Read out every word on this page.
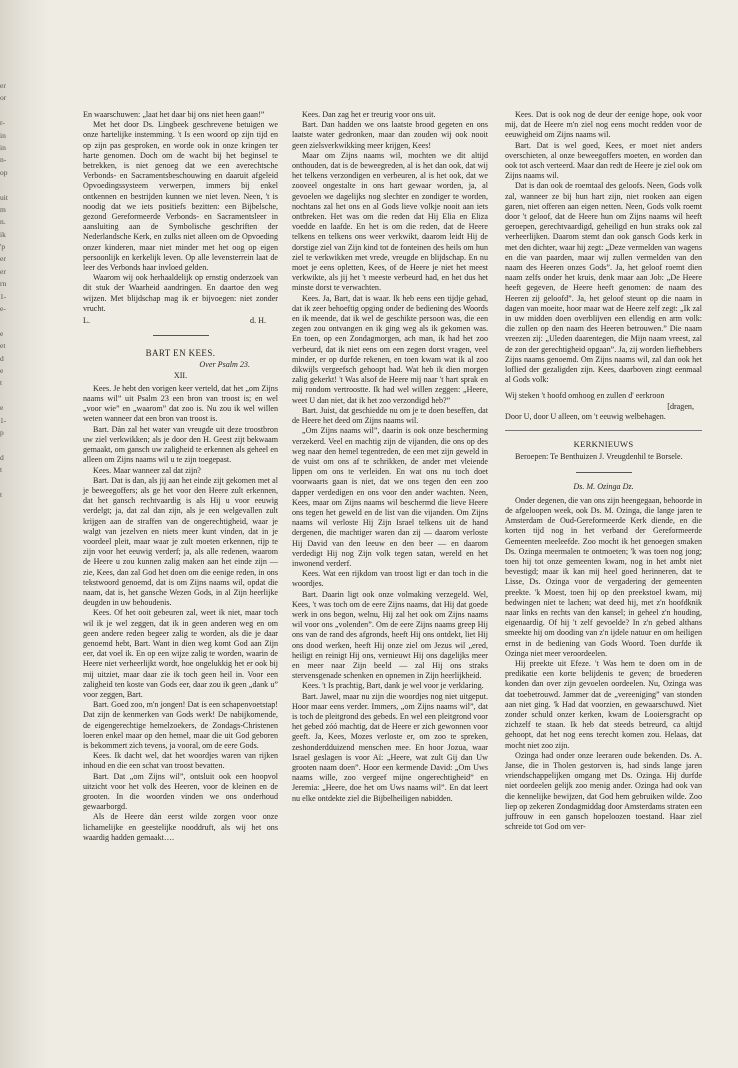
er
or
r-
in
in
n-
op
uit
m
n.
ik
'p
er
er
rn
1-
e-
e
et
d
e
t
e
1-
p
d
t
t

En waarschuwen: „laat het daar bij ons niet heen gaan!”

Met het door Ds. Lingbeek geschrevene betuigen we onze hartelijke instemming. 't Is een woord op zijn tijd en op zijn pas gesproken, en worde ook in onze kringen ter harte genomen. Doch om de wacht bij het beginsel te betrekken, is niet genoeg dat we een averechtsche Verbonds- en Sacramentsbeschouwing en daaruit afgeleid Opvoedingssysteem verwerpen, immers bij enkel ontkennen en bestrijden kunnen we niet leven. Neen, 't is noodig dat we iets positiefs bezitten: een Bijbelsche, gezond Gereformeerde Verbonds- en Sacramentsleer in aansluiting aan de Symbolische geschriften der Nederlandsche Kerk, en zulks niet alleen om de Opvoeding onzer kinderen, maar niet minder met het oog op eigen persoonlijk en kerkelijk leven. Op alle levensterrein laat de leer des Verbonds haar invloed gelden.

Waarom wij ook herhaaldelijk op ernstig onderzoek van dit stuk der Waarheid aandringen. En daartoe den weg wijzen. Met blijdschap mag ik er bijvoegen: niet zonder vrucht.

L.	d. H.
BART EN KEES.
Over Psalm 23.
XII.

Kees. Je hebt den vorigen keer verteld, dat het „om Zijns naams wil” uit Psalm 23 een bron van troost is; en wel „voor wie” en „waarom” dat zoo is. Nu zou ik wel willen weten wanneer dat een bron van troost is.

Bart. Dàn zal het water van vreugde uit deze troostbron uw ziel verkwikken; als je door den H. Geest zijt bekwaam gemaakt, om gansch uw zaligheid te erkennen als geheel en alleen om Zijns naams wil u te zijn toegepast.

Kees. Maar wanneer zal dat zijn?

Bart. Dat is dan, als jij aan het einde zijt gekomen met al je beweegoffers; als ge het voor den Heere zult erkennen, dat het gansch rechtvaardig is als Hij u voor eeuwig verdelgt; ja, dat zal dan zijn, als je een welgevallen zult krijgen aan de straffen van de ongerechtigheid, waar je walgt van jezelven en niets meer kunt vinden, dat in je voordeel pleit, maar waar je zult moeten erkennen, rijp te zijn voor het eeuwig verderf; ja, als alle redenen, waarom de Heere u zou kunnen zalig maken aan het einde zijn — zie, Kees, dan zal God het doen om die eenige reden, in ons tekstwoord genoemd, dat is om Zijns naams wil, opdat die naam, dat is, het gansche Wezen Gods, in al Zijn heerlijke deugden in uw behoudenis.

Kees. Of het ooit gebeuren zal, weet ik niet, maar toch wil ik je wel zeggen, dat ik in geen anderen weg en om geen andere reden begeer zalig te worden, als die je daar genoemd hebt, Bart. Want in dien weg komt God aan Zijn eer, dat voel ik. En op een wijze zalig te worden, waarin de Heere niet verheerlijkt wordt, hoe ongelukkig het er ook bij mij uitziet, maar daar zie ik toch geen heil in. Voor een zaligheid ten koste van Gods eer, daar zou ik geen „dank u” voor zeggen, Bart.

Bart. Goed zoo, m'n jongen! Dat is een schapenvoetstap! Dat zijn de kenmerken van Gods werk! De nabijkomende, de eigengerechtige hemelzoekers, de Zondags-Christenen loeren enkel maar op den hemel, maar die uit God geboren is bekommert zich tevens, ja vooral, om de eere Gods.

Kees. Ik dacht wel, dat het woordjes waren van rijken inhoud en die een schat van troost bevatten.

Bart. Dat „om Zijns wil”, ontsluit ook een hoopvol uitzicht voor het volk des Heeren, voor de kleinen en de grooten. In die woorden vinden we ons onderhoud gewaarborgd.

Als de Heere dàn eerst wilde zorgen voor onze lichamelijke en geestelijke nooddruft, als wij het ons waardig hadden gemaakt….

Kees. Dan zag het er treurig voor ons uit.

Bart. Dan hadden we ons laatste brood gegeten en ons laatste water gedronken, maar dan zouden wij ook nooit geen zielsverkwikking meer krijgen, Kees!

Maar om Zijns naams wil, mochten we dit altijd onthouden, dat is de beweegreden, al is het dan ook, dat wij het telkens verzondigen en verbeuren, al is het ook, dat we zooveel ongestalte in ons hart gewaar worden, ja, al gevoelen we dagelijks nog slechter en zondiger te worden, nochtans zal het ons en al Gods lieve volkje nooit aan iets ontbreken. Het was om die reden dat Hij Elia en Eliza voedde en laafde. En het is om die reden, dat de Heere telkens en telkens ons weer verkwikt, daarom leidt Hij de dorstige ziel van Zijn kind tot de fonteinen des heils om hun ziel te verkwikken met vrede, vreugde en blijdschap. En nu moet je eens opletten, Kees, of de Heere je niet het meest verkwikte, als jij het 't meeste verbeurd had, en het dus het minste dorst te verwachten.

Kees. Ja, Bart, dat is waar. Ik heb eens een tijdje gehad, dat ik zeer behoeftig opging onder de bediening des Woords en ik meende, dat ik wel de geschikte persoon was, die een zegen zou ontvangen en ik ging weg als ik gekomen was. En toen, op een Zondagmorgen, ach man, ik had het zoo verbeurd, dat ik niet eens om een zegen dorst vragen, veel minder, er op durfde rekenen, en toen kwam wat ik al zoo dikwijls vergeefsch gehoopt had. Wat heb ik dien morgen zalig gekerkt! 't Was alsof de Heere mij naar 't hart sprak en mij rondom vertroostte. Ik had wel willen zeggen: „Heere, weet U dan niet, dat ik het zoo verzondigd heb?”

Bart. Juist, dat geschiedde nu om je te doen beseffen, dat de Heere het deed om Zijns naams wil.

„Om Zijns naams wil”, daarin is ook onze bescherming verzekerd. Veel en machtig zijn de vijanden, die ons op des weg naar den hemel tegentreden, de een met zijn geweld in de vuist om ons af te schrikken, de ander met vleiende lippen om ons te verleiden. En wat ons nu toch doet voorwaarts gaan is niet, dat we ons tegen den een zoo dapper verdedigen en ons voor den ander wachten. Neen, Kees, maar om Zijns naams wil beschermd die lieve Heere ons tegen het geweld en de list van die vijanden. Om Zijns naams wil verloste Hij Zijn Israel telkens uit de hand dergenen, die machtiger waren dan zij — daarom verloste Hij David van den leeuw en den beer — en daarom verdedigt Hij nog Zijn volk tegen satan, wereld en het inwonend verderf.

Kees. Wat een rijkdom van troost ligt er dan toch in die woordjes.

Bart. Daarin ligt ook onze volmaking verzegeld. Wel, Kees, 't was toch om de eere Zijns naams, dat Hij dat goede werk in ons begon, welnu, Hij zal het ook om Zijns naams wil voor ons „volenden”. Om de eere Zijns naams greep Hij ons van de rand des afgronds, heeft Hij ons ontdekt, liet Hij ons dood werken, heeft Hij onze ziel om Jezus wil „ered, heiligt en reinigt Hij ons, vernieuwt Hij ons dagelijks meer en meer naar Zijn beeld — zal Hij ons straks stervensgenade schenken en opnemen in Zijn heerlijkheid.

Kees. 't Is prachtig, Bart, dank je wel voor je verklaring.

Bart. Jawel, maar nu zijn die woordjes nog niet uitgeput. Hoor maar eens verder. Immers, „om Zijns naams wil”, dat is toch de pleitgrond des gebeds. En wel een pleitgrond voor het gebed zóó machtig, dat de Heere er zich gewonnen voor geeft. Ja, Kees, Mozes verloste er, om zoo te spreken, zeshonderdduizend menschen mee. En hoor Jozua, waar Israel geslagen is voor Aï: „Heere, wat zult Gij dan Uw grooten naam doen”. Hoor een kermende David: „Om Uws naams wille, zoo vergeef mijne ongerechtigheid” en Jeremia: „Heere, doe het om Uws naams wil”. En dat leert nu elke ontdekte ziel die Bijbelheiligen nabidden.

Kees. Dat is ook nog de deur der eenige hope, ook voor mij, dat de Heere m'n ziel nog eens mocht redden voor de eeuwigheid om Zijns naams wil.

Bart. Dat is wel goed, Kees, er moet niet anders overschieten, al onze beweegoffers moeten, en worden dan ook tot asch verteerd. Maar dan redt de Heere je ziel ook om Zijns naams wil.

Dat is dan ook de roemtaal des geloofs. Neen, Gods volk zal, wanneer ze bij hun hart zijn, niet rooken aan eigen garen, niet offeren aan eigen netten. Neen, Gods volk roemt door 't geloof, dat de Heere hun om Zijns naams wil heeft geroepen, gerechtvaardigd, geheiligd en hun straks ook zal verheerlijken. Daarom stemt dan ook gansch Gods kerk in met den dichter, waar hij zegt: „Deze vermelden van wagens en die van paarden, maar wij zullen vermelden van den naam des Heeren onzes Gods”. Ja, het geloof roemt dien naam zelfs onder het kruis, denk maar aan Job: „De Heere heeft gegeven, de Heere heeft genomen: de naam des Heeren zij geloofd”. Ja, het geloof steunt op die naam in dagen van moeite, hoor maar wat de Heere zelf zegt: „Ik zal in uw midden doen overblijven een ellendig en arm volk: die zullen op den naam des Heeren betrouwen.” Die naam vreezen zij: „Uleden daarentegen, die Mijn naam vreest, zal de zon der gerechtigheid opgaan”. Ja, zij worden liefhebbers Zijns naams genoemd. Om Zijns naams wil, zal dan ook het loflied der gezaligden zijn. Kees, daarboven zingt eenmaal al Gods volk:

Wij steken 't hoofd omhoog en zullen d' eerkroon
[dragen,
Door U, door U alleen, om 't eeuwig welbehagen.
KERKNIEUWS

Beroepen: Te Benthuizen J. Vreugdenhil te Borsele.

Ds. M. Ozinga Dz.

Onder degenen, die van ons zijn heengegaan, behoorde in de afgeloopen week, ook Ds. M. Ozinga, die lange jaren te Amsterdam de Oud-Gereformeerde Kerk diende, en die korten tijd nog in het verband der Gereformeerde Gemeenten meeleefde. Zoo mocht ik het genoegen smaken Ds. Ozinga meermalen te ontmoeten; 'k was toen nog jong; toen hij tot onze gemeenten kwam, nog in het ambt niet bevestigd; maar ik kan mij heel goed herinneren, dat te Lisse, Ds. Ozinga voor de vergadering der gemeenten preekte. 'k Moest, toen hij op den preekstoel kwam, mij bedwingen niet te lachen; wat deed hij, met z'n hoofdknik naar links en rechts van den kansel; in geheel z'n houding, eigenaardig. Of hij 't zelf gevoelde? In z'n gebed althans smeekte hij om dooding van z'n ijdele natuur en om heiligen ernst in de bediening van Gods Woord. Toen durfde ik Ozinga niet meer veroordeelen.

Hij preekte uit Efeze. 't Was hem te doen om in de predikatie een korte belijdenis te geven; de broederen konden dan over zijn gevoelen oordeelen. Nu, Ozinga was dat toebetrouwd. Jammer dat de „vereeniging” van stonden aan niet ging. 'k Had dat voorzien, en gewaarschuwd. Niet zonder schuld onzer kerken, kwam de Looiersgracht op zichzelf te staan. Ik heb dat steeds betreurd, ca altijd gehoopt, dat het nog eens terecht komen zou. Helaas, dat mocht niet zoo zijn.

Ozinga had onder onze leeraren oude bekenden. Ds. A. Janse, die in Tholen gestorven is, had sinds lange jaren vriendschappelijken omgang met Ds. Ozinga. Hij durfde niet oordeelen gelijk zoo menig ander. Ozinga had ook van die kennelijke bewijzen, dat God hem gebruiken wilde. Zoo liep op zekeren Zondagmiddag door Amsterdams straten een juffrouw in een gansch hopeloozen toestand. Haar ziel schreide tot God om ver-
